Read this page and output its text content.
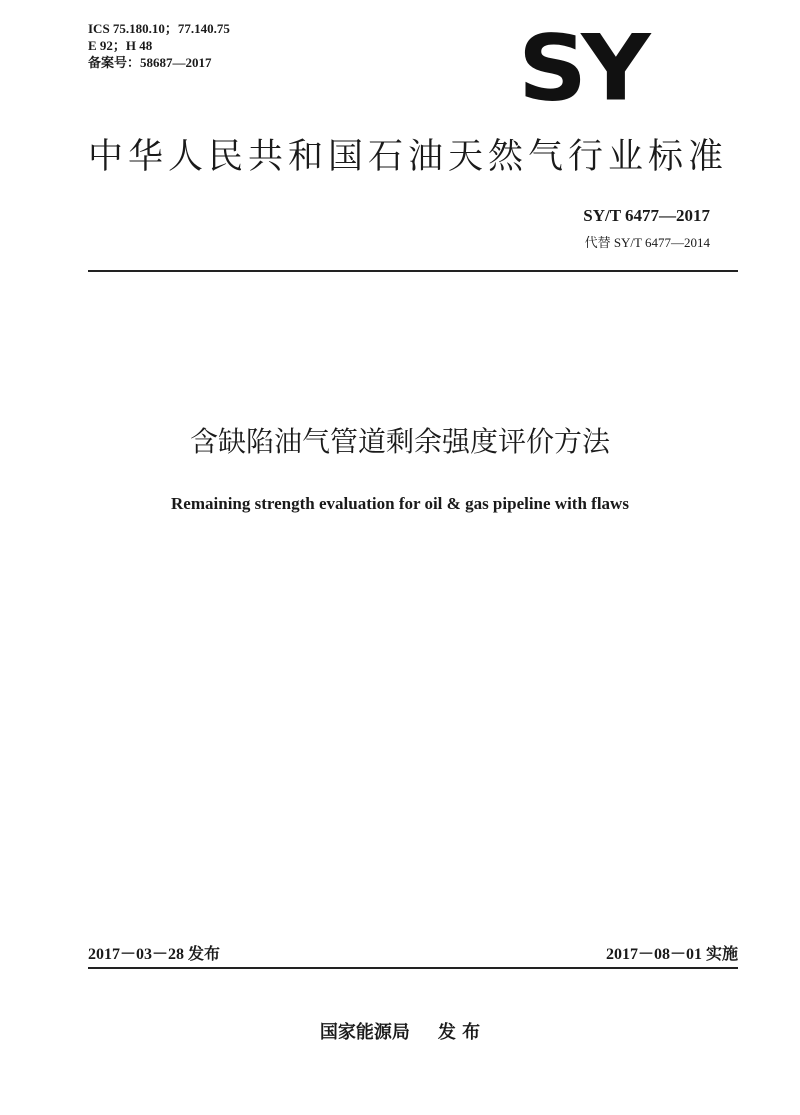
ICS 75.180.10；77.140.75
E 92；H 48
备案号：58687—2017	SY
中华人民共和国石油天然气行业标准
SY/T 6477—2017
代替 SY/T 6477—2014
含缺陷油气管道剩余强度评价方法
Remaining strength evaluation for oil & gas pipeline with flaws
2017－03－28 发布	2017－08－01 实施
国家能源局 发 布
